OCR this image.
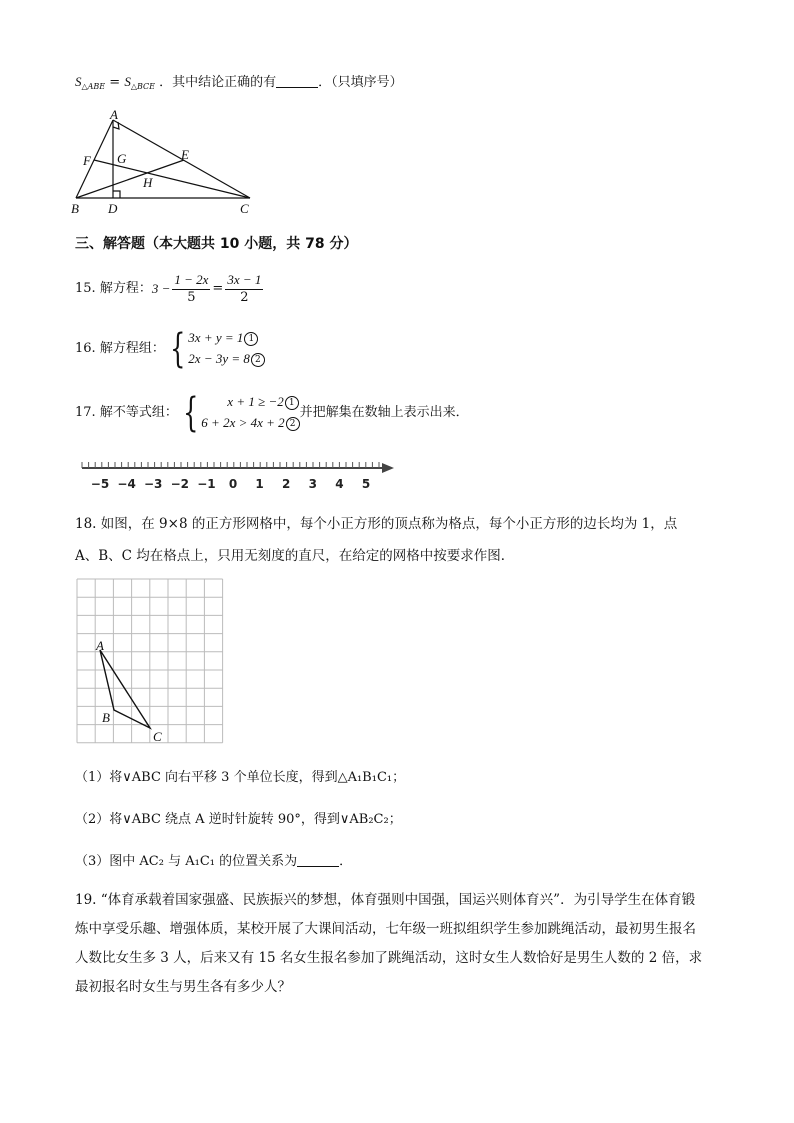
$S_{\triangle ABE} = S_{\triangle BCE}$ ．其中结论正确的有	．（只填序号）
A
B	C
D
E
F G
H
三、解答题（本大题共 10 小题，共 78 分）
15.
解方程： $3 - \frac{1 - 2x}{5} = \frac{3x - 1}{2}$
16.
解方程组： { 3x + y = 1 1
2x − 3y = 8 2
17.
解不等式组： {	x + 1 ≥ −2 1
6 + 2x > 4x + 2 2
并把解集在数轴上表示出来．
−5 −4 −3 −2 −1 0 1 2 3 4 5
18. 如图，在 9×8 的正方形网格中，每个小正方形的顶点称为格点，每个小正方形的边长均为 1，点
A、B、C 均在格点上，只用无刻度的直尺，在给定的网格中按要求作图．
A
B
C
（1）将∨ABC 向右平移 3 个单位长度，得到△A₁B₁C₁；
（2）将∨ABC 绕点 A 逆时针旋转 90°，得到∨AB₂C₂；
（3）图中 AC₂ 与 A₁C₁ 的位置关系为	．
19. “体育承载着国家强盛、民族振兴的梦想，体育强则中国强，国运兴则体育兴”．为引导学生在体育锻
炼中享受乐趣、增强体质，某校开展了大课间活动，七年级一班拟组织学生参加跳绳活动，最初男生报名
人数比女生多 3 人，后来又有 15 名女生报名参加了跳绳活动，这时女生人数恰好是男生人数的 2 倍，求
最初报名时女生与男生各有多少人？
